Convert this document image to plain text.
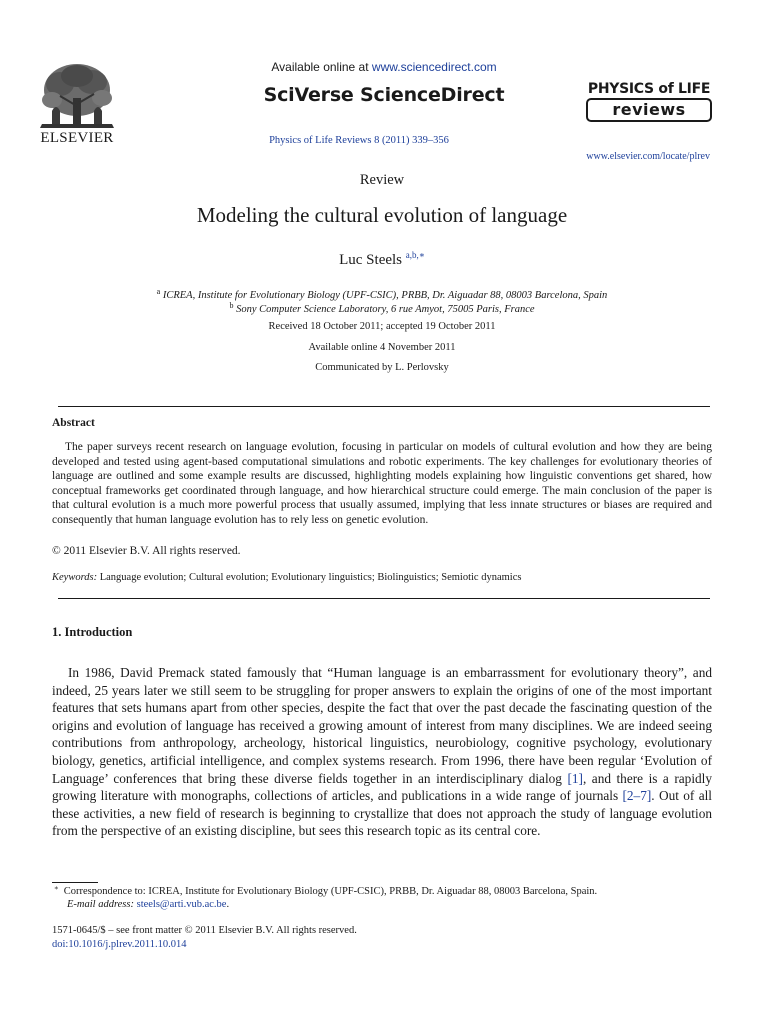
ELSEVIER
Available online at www.sciencedirect.com
SciVerse ScienceDirect
Physics of Life Reviews 8 (2011) 339–356
PHYSICS of LIFE
reviews
www.elsevier.com/locate/plrev
Review
Modeling the cultural evolution of language
Luc Steels $^{a,b,∗}$
$^a$ ICREA, Institute for Evolutionary Biology (UPF-CSIC), PRBB, Dr. Aiguadar 88, 08003 Barcelona, Spain
$^b$ Sony Computer Science Laboratory, 6 rue Amyot, 75005 Paris, France
Received 18 October 2011; accepted 19 October 2011
Available online 4 November 2011
Communicated by L. Perlovsky
Abstract

The paper surveys recent research on language evolution, focusing in particular on models of cultural evolution and how they are being developed and tested using agent-based computational simulations and robotic experiments. The key challenges for evolutionary theories of language are outlined and some example results are discussed, highlighting models explaining how linguistic conventions get shared, how conceptual frameworks get coordinated through language, and how hierarchical structure could emerge. The main conclusion of the paper is that cultural evolution is a much more powerful process that usually assumed, implying that less innate structures or biases are required and consequently that human language evolution has to rely less on genetic evolution.

© 2011 Elsevier B.V. All rights reserved.
Keywords: Language evolution; Cultural evolution; Evolutionary linguistics; Biolinguistics; Semiotic dynamics
1. Introduction

In 1986, David Premack stated famously that “Human language is an embarrassment for evolutionary theory”, and indeed, 25 years later we still seem to be struggling for proper answers to explain the origins of one of the most important features that sets humans apart from other species, despite the fact that over the past decade the fascinating question of the origins and evolution of language has received a growing amount of interest from many disciplines. We are indeed seeing contributions from anthropology, archeology, historical linguistics, neurobiology, cognitive psychology, evolutionary biology, genetics, artificial intelligence, and complex systems research. From 1996, there have been regular ‘Evolution of Language’ conferences that bring these diverse fields together in an interdisciplinary dialog [1], and there is a rapidly growing literature with monographs, collections of articles, and publications in a wide range of journals [2–7]. Out of all these activities, a new field of research is beginning to crystallize that does not approach the study of language evolution from the perspective of an existing discipline, but sees this research topic as its central core.

∗ Correspondence to: ICREA, Institute for Evolutionary Biology (UPF-CSIC), PRBB, Dr. Aiguadar 88, 08003 Barcelona, Spain.
E-mail address: steels@arti.vub.ac.be.
1571-0645/$ – see front matter © 2011 Elsevier B.V. All rights reserved.
doi:10.1016/j.plrev.2011.10.014
